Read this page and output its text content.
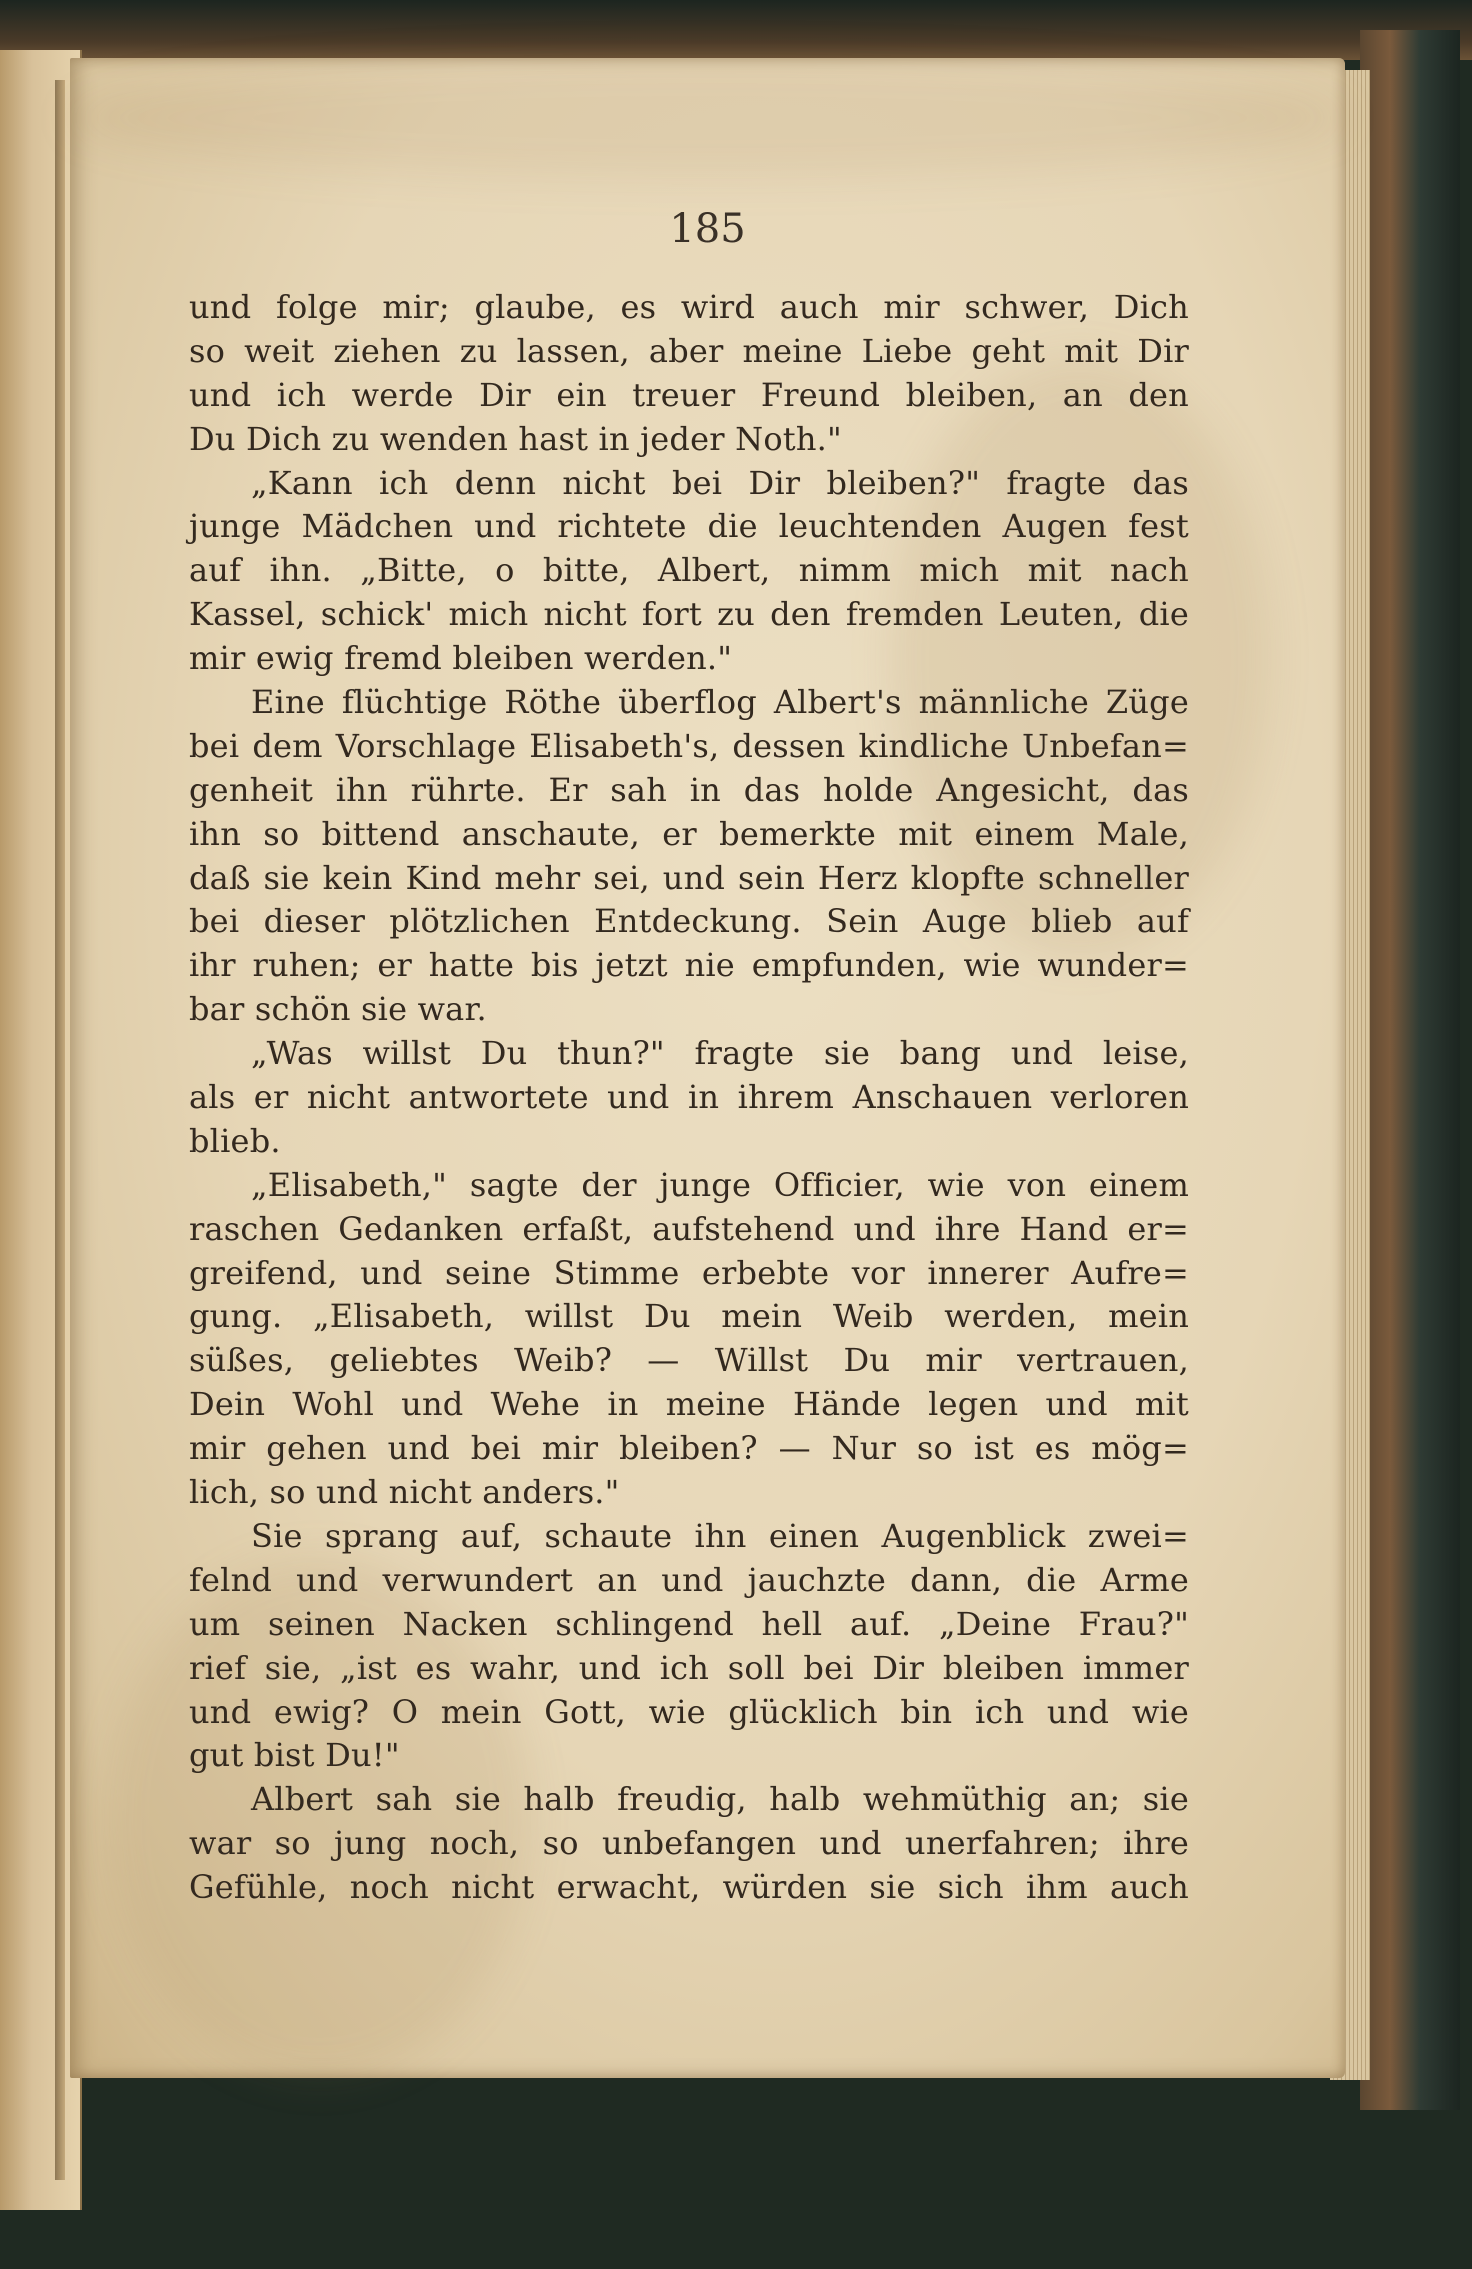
185
und folge mir; glaube, es wird auch mir schwer, Dich
so weit ziehen zu lassen, aber meine Liebe geht mit Dir
und ich werde Dir ein treuer Freund bleiben, an den
Du Dich zu wenden hast in jeder Noth."
„Kann ich denn nicht bei Dir bleiben?" fragte das
junge Mädchen und richtete die leuchtenden Augen fest
auf ihn. „Bitte, o bitte, Albert, nimm mich mit nach
Kassel, schick' mich nicht fort zu den fremden Leuten, die
mir ewig fremd bleiben werden."
Eine flüchtige Röthe überflog Albert's männliche Züge
bei dem Vorschlage Elisabeth's, dessen kindliche Unbefan=
genheit ihn rührte. Er sah in das holde Angesicht, das
ihn so bittend anschaute, er bemerkte mit einem Male,
daß sie kein Kind mehr sei, und sein Herz klopfte schneller
bei dieser plötzlichen Entdeckung. Sein Auge blieb auf
ihr ruhen; er hatte bis jetzt nie empfunden, wie wunder=
bar schön sie war.
„Was willst Du thun?" fragte sie bang und leise,
als er nicht antwortete und in ihrem Anschauen verloren
blieb.
„Elisabeth," sagte der junge Officier, wie von einem
raschen Gedanken erfaßt, aufstehend und ihre Hand er=
greifend, und seine Stimme erbebte vor innerer Aufre=
gung. „Elisabeth, willst Du mein Weib werden, mein
süßes, geliebtes Weib? — Willst Du mir vertrauen,
Dein Wohl und Wehe in meine Hände legen und mit
mir gehen und bei mir bleiben? — Nur so ist es mög=
lich, so und nicht anders."
Sie sprang auf, schaute ihn einen Augenblick zwei=
felnd und verwundert an und jauchzte dann, die Arme
um seinen Nacken schlingend hell auf. „Deine Frau?"
rief sie, „ist es wahr, und ich soll bei Dir bleiben immer
und ewig? O mein Gott, wie glücklich bin ich und wie
gut bist Du!"
Albert sah sie halb freudig, halb wehmüthig an; sie
war so jung noch, so unbefangen und unerfahren; ihre
Gefühle, noch nicht erwacht, würden sie sich ihm auch
